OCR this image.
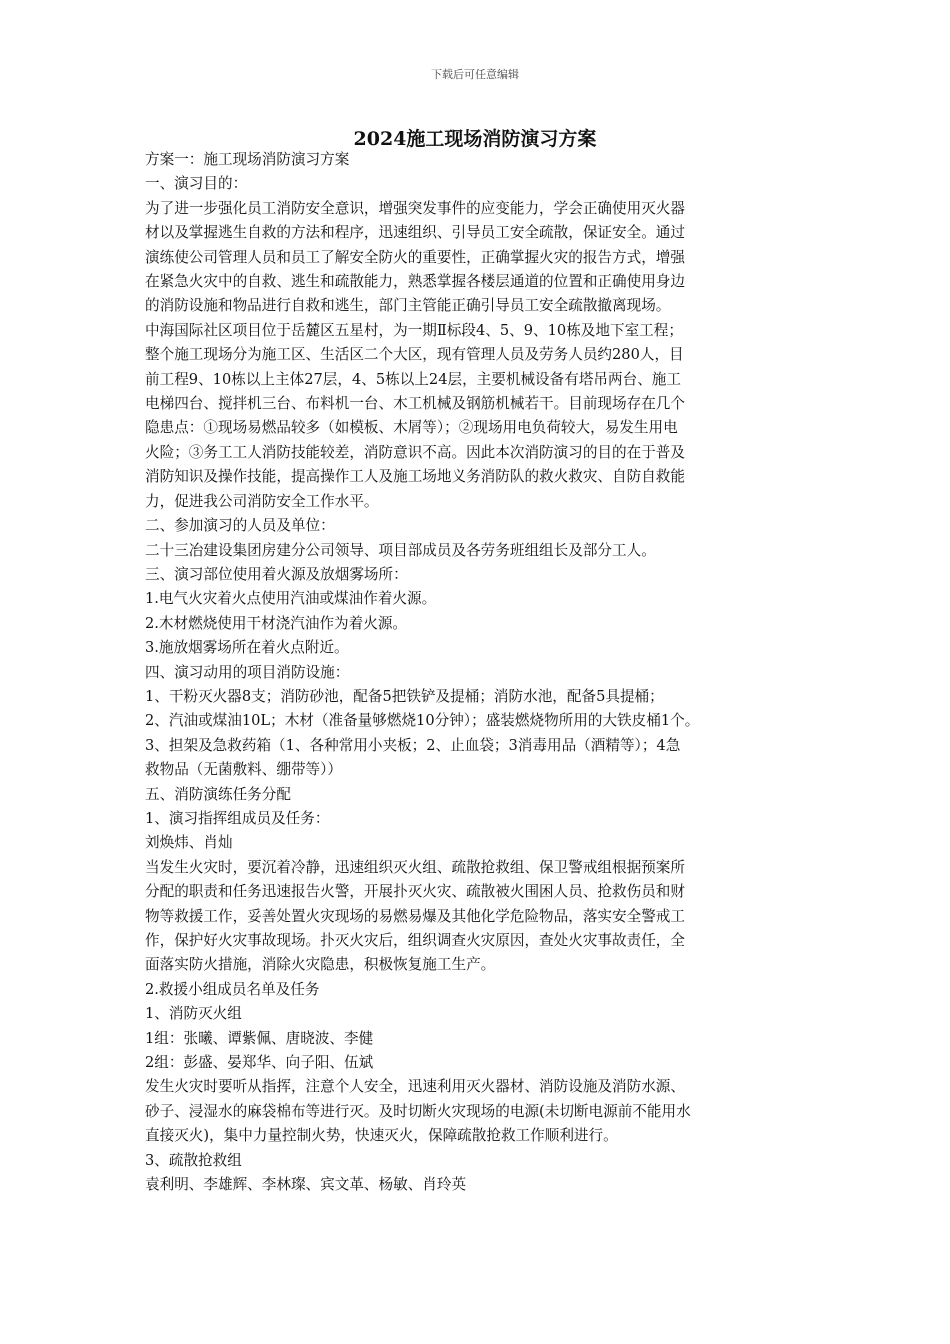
下载后可任意编辑
2024施工现场消防演习方案

方案一：施工现场消防演习方案

一、演习目的：

为了进一步强化员工消防安全意识，增强突发事件的应变能力，学会正确使用灭火器

材以及掌握逃生自救的方法和程序，迅速组织、引导员工安全疏散，保证安全。通过

演练使公司管理人员和员工了解安全防火的重要性，正确掌握火灾的报告方式，增强

在紧急火灾中的自救、逃生和疏散能力，熟悉掌握各楼层通道的位置和正确使用身边

的消防设施和物品进行自救和逃生，部门主管能正确引导员工安全疏散撤离现场。

中海国际社区项目位于岳麓区五星村，为一期Ⅱ标段4、5、9、10栋及地下室工程；

整个施工现场分为施工区、生活区二个大区，现有管理人员及劳务人员约280人，目

前工程9、10栋以上主体27层，4、5栋以上24层，主要机械设备有塔吊两台、施工

电梯四台、搅拌机三台、布料机一台、木工机械及钢筋机械若干。目前现场存在几个

隐患点：①现场易燃品较多（如模板、木屑等）；②现场用电负荷较大，易发生用电

火险；③务工工人消防技能较差，消防意识不高。因此本次消防演习的目的在于普及

消防知识及操作技能，提高操作工人及施工场地义务消防队的救火救灾、自防自救能

力，促进我公司消防安全工作水平。

二、参加演习的人员及单位：

二十三冶建设集团房建分公司领导、项目部成员及各劳务班组组长及部分工人。

三、演习部位使用着火源及放烟雾场所：

1.电气火灾着火点使用汽油或煤油作着火源。

2.木材燃烧使用干材浇汽油作为着火源。

3.施放烟雾场所在着火点附近。

四、演习动用的项目消防设施：

1、干粉灭火器8支；消防砂池，配备5把铁铲及提桶；消防水池，配备5具提桶；

2、汽油或煤油10L；木材（准备量够燃烧10分钟）；盛装燃烧物所用的大铁皮桶1个。

3、担架及急救药箱（1、各种常用小夹板；2、止血袋；3消毒用品（酒精等）；4急

救物品（无菌敷料、绷带等））

五、消防演练任务分配

1、演习指挥组成员及任务：

刘焕炜、肖灿

当发生火灾时，要沉着冷静，迅速组织灭火组、疏散抢救组、保卫警戒组根据预案所

分配的职责和任务迅速报告火警，开展扑灭火灾、疏散被火围困人员、抢救伤员和财

物等救援工作，妥善处置火灾现场的易燃易爆及其他化学危险物品，落实安全警戒工

作，保护好火灾事故现场。扑灭火灾后，组织调查火灾原因，查处火灾事故责任，全

面落实防火措施，消除火灾隐患，积极恢复施工生产。

2.救援小组成员名单及任务

1、消防灭火组

1组：张曦、谭紫佩、唐晓波、李健

2组：彭盛、晏郑华、向子阳、伍斌

发生火灾时要听从指挥，注意个人安全，迅速利用灭火器材、消防设施及消防水源、

砂子、浸湿水的麻袋棉布等进行灭。及时切断火灾现场的电源(未切断电源前不能用水

直接灭火)，集中力量控制火势，快速灭火，保障疏散抢救工作顺利进行。

3、疏散抢救组

袁利明、李雄辉、李林璨、宾文革、杨敏、肖玲英
